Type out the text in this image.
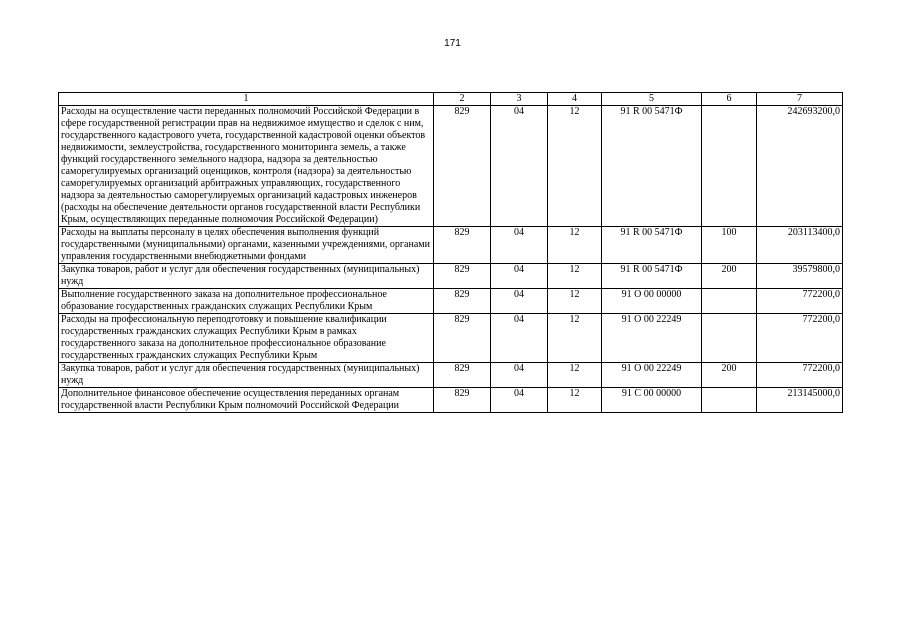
171
1	2	3	4	5	6	7
Расходы на осуществление части переданных полномочий Российской Федерации в сфере государственной регистрации прав на недвижимое имущество и сделок с ним, государственного кадастрового учета, государственной кадастровой оценки объектов недвижимости, землеустройства, государственного мониторинга земель, а также функций государственного земельного надзора, надзора за деятельностью саморегулируемых организаций оценщиков, контроля (надзора) за деятельностью саморегулируемых организаций арбитражных управляющих, государственного надзора за деятельностью саморегулируемых организаций кадастровых инженеров (расходы на обеспечение деятельности органов государственной власти Республики Крым, осуществляющих переданные полномочия Российской Федерации)	829	04	12	91 R 00 5471Ф		242693200,0
Расходы на выплаты персоналу в целях обеспечения выполнения функций государственными (муниципальными) органами, казенными учреждениями, органами управления государственными внебюджетными фондами	829	04	12	91 R 00 5471Ф	100	203113400,0
Закупка товаров, работ и услуг для обеспечения государственных (муниципальных) нужд	829	04	12	91 R 00 5471Ф	200	39579800,0
Выполнение государственного заказа на дополнительное профессиональное образование государственных гражданских служащих Республики Крым	829	04	12	91 О 00 00000		772200,0
Расходы на профессиональную переподготовку и повышение квалификации государственных гражданских служащих Республики Крым в рамках государственного заказа на дополнительное профессиональное образование государственных гражданских служащих Республики Крым	829	04	12	91 О 00 22249		772200,0
Закупка товаров, работ и услуг для обеспечения государственных (муниципальных) нужд	829	04	12	91 О 00 22249	200	772200,0
Дополнительное финансовое обеспечение осуществления переданных органам государственной власти Республики Крым полномочий Российской Федерации	829	04	12	91 С 00 00000		213145000,0
